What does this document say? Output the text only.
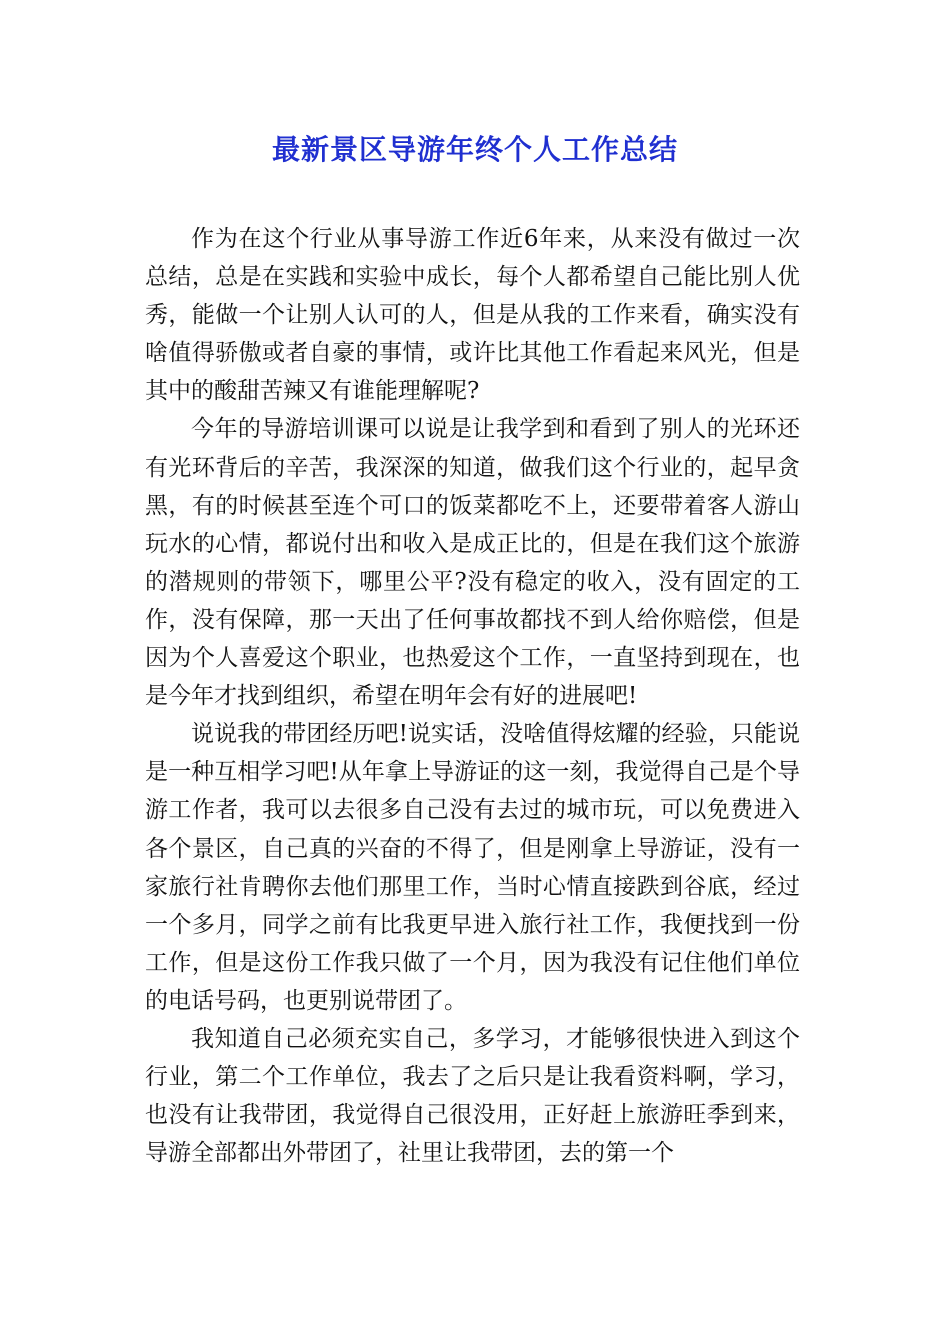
最新景区导游年终个人工作总结

作为在这个行业从事导游工作近6年来，从来没有做过一次总结，总是在实践和实验中成长，每个人都希望自己能比别人优秀，能做一个让别人认可的人，但是从我的工作来看，确实没有啥值得骄傲或者自豪的事情，或许比其他工作看起来风光，但是其中的酸甜苦辣又有谁能理解呢?

今年的导游培训课可以说是让我学到和看到了别人的光环还有光环背后的辛苦，我深深的知道，做我们这个行业的，起早贪黑，有的时候甚至连个可口的饭菜都吃不上，还要带着客人游山玩水的心情，都说付出和收入是成正比的，但是在我们这个旅游的潜规则的带领下，哪里公平?没有稳定的收入，没有固定的工作，没有保障，那一天出了任何事故都找不到人给你赔偿，但是因为个人喜爱这个职业，也热爱这个工作，一直坚持到现在，也是今年才找到组织，希望在明年会有好的进展吧!

说说我的带团经历吧!说实话，没啥值得炫耀的经验，只能说是一种互相学习吧!从年拿上导游证的这一刻，我觉得自己是个导游工作者，我可以去很多自己没有去过的城市玩，可以免费进入各个景区，自己真的兴奋的不得了，但是刚拿上导游证，没有一家旅行社肯聘你去他们那里工作，当时心情直接跌到谷底，经过一个多月，同学之前有比我更早进入旅行社工作，我便找到一份工作，但是这份工作我只做了一个月，因为我没有记住他们单位的电话号码，也更别说带团了。

我知道自己必须充实自己，多学习，才能够很快进入到这个行业，第二个工作单位，我去了之后只是让我看资料啊，学习，也没有让我带团，我觉得自己很没用，正好赶上旅游旺季到来，导游全部都出外带团了，社里让我带团，去的第一个
